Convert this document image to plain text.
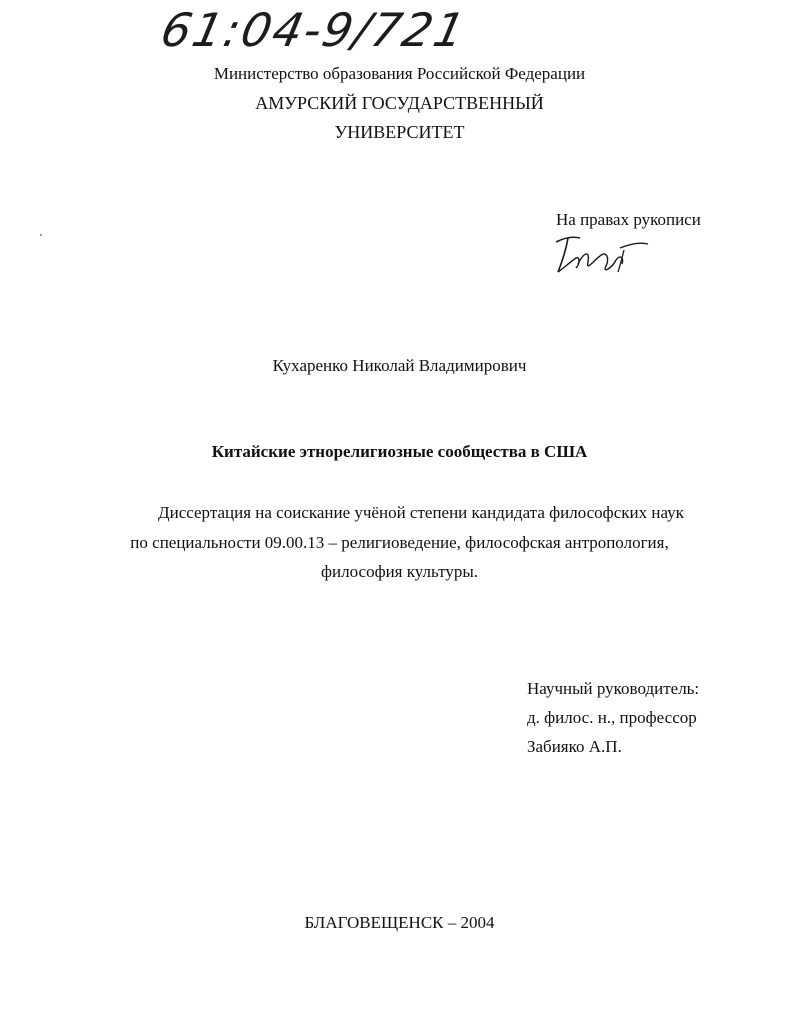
61:04-9/721
Министерство образования Российской Федерации
АМУРСКИЙ ГОСУДАРСТВЕННЫЙ
УНИВЕРСИТЕТ
На правах рукописи
Кухаренко Николай Владимирович
Китайские этнорелигиозные сообщества в США
Диссертация на соискание учёной степени кандидата философских наук
по специальности 09.00.13 – религиоведение, философская антропология,
философия культуры.
Научный руководитель:
д. филос. н., профессор
Забияко А.П.
БЛАГОВЕЩЕНСК – 2004
